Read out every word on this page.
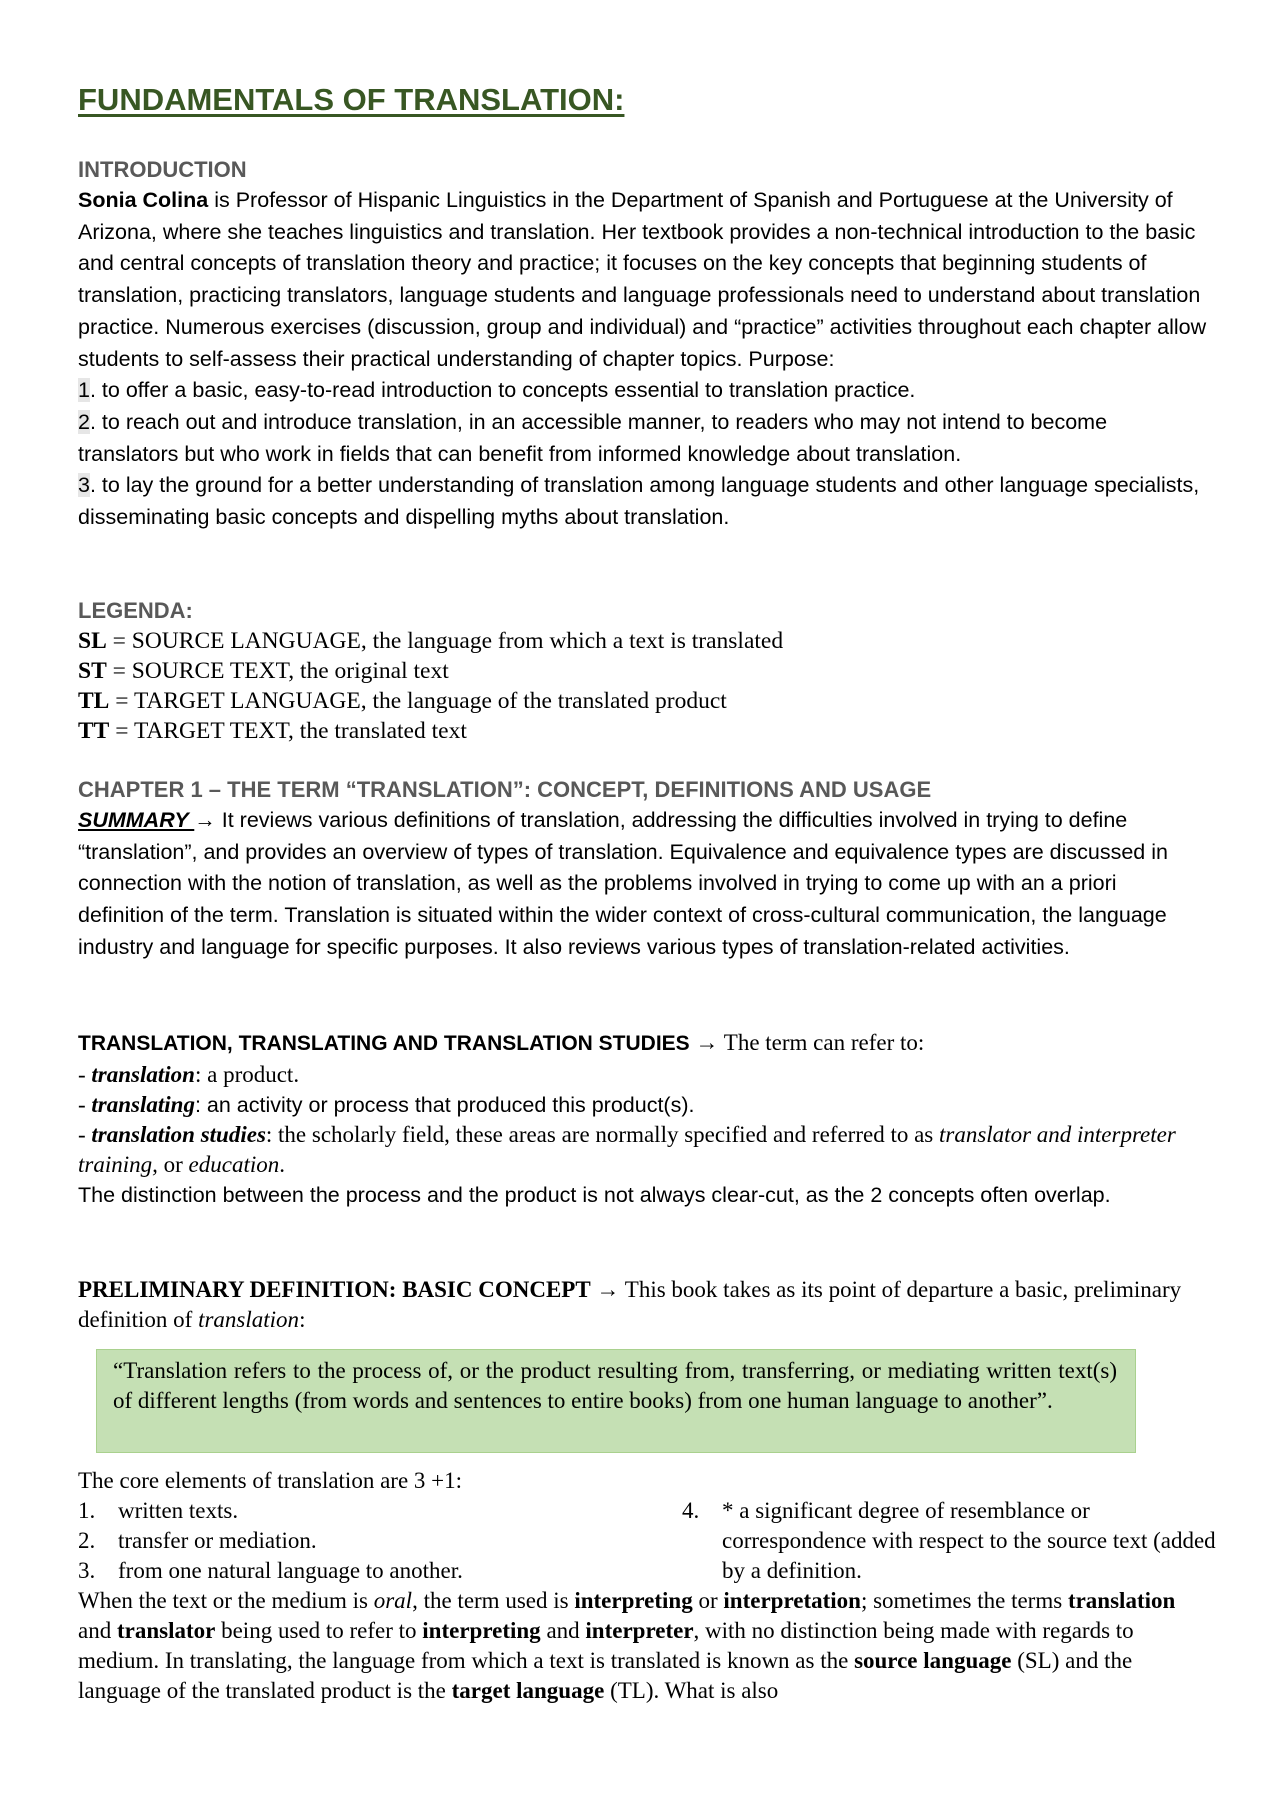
FUNDAMENTALS OF TRANSLATION:

INTRODUCTION

Sonia Colina is Professor of Hispanic Linguistics in the Department of Spanish and Portuguese at the University of Arizona, where she teaches linguistics and translation. Her textbook provides a non-technical introduction to the basic and central concepts of translation theory and practice; it focuses on the key concepts that beginning students of translation, practicing translators, language students and language professionals need to understand about translation practice. Numerous exercises (discussion, group and individual) and “practice” activities throughout each chapter allow students to self-assess their practical understanding of chapter topics. Purpose:

1. to offer a basic, easy-to-read introduction to concepts essential to translation practice.

2. to reach out and introduce translation, in an accessible manner, to readers who may not intend to become translators but who work in fields that can benefit from informed knowledge about translation.

3. to lay the ground for a better understanding of translation among language students and other language specialists, disseminating basic concepts and dispelling myths about translation.

LEGENDA:

SL = SOURCE LANGUAGE, the language from which a text is translated

ST = SOURCE TEXT, the original text

TL = TARGET LANGUAGE, the language of the translated product

TT = TARGET TEXT, the translated text

CHAPTER 1 – THE TERM “TRANSLATION”: CONCEPT, DEFINITIONS AND USAGE

SUMMARY → It reviews various definitions of translation, addressing the difficulties involved in trying to define “translation”, and provides an overview of types of translation. Equivalence and equivalence types are discussed in connection with the notion of translation, as well as the problems involved in trying to come up with an a priori definition of the term. Translation is situated within the wider context of cross-cultural communication, the language industry and language for specific purposes. It also reviews various types of translation-related activities.

TRANSLATION, TRANSLATING AND TRANSLATION STUDIES → The term can refer to:

- translation: a product.

- translating: an activity or process that produced this product(s).

- translation studies: the scholarly field, these areas are normally specified and referred to as translator and interpreter training, or education.

The distinction between the process and the product is not always clear-cut, as the 2 concepts often overlap.

PRELIMINARY DEFINITION: BASIC CONCEPT → This book takes as its point of departure a basic, preliminary definition of translation:

“Translation refers to the process of, or the product resulting from, transferring, or mediating written text(s) of different lengths (from words and sentences to entire books) from one human language to another”.

The core elements of translation are 3 +1:

1. written texts.

2. transfer or mediation.

3. from one natural language to another.

4. * a significant degree of resemblance or correspondence with respect to the source text (added by a definition.

When the text or the medium is oral, the term used is interpreting or interpretation; sometimes the terms translation and translator being used to refer to interpreting and interpreter, with no distinction being made with regards to medium. In translating, the language from which a text is translated is known as the source language (SL) and the language of the translated product is the target language (TL). What is also
